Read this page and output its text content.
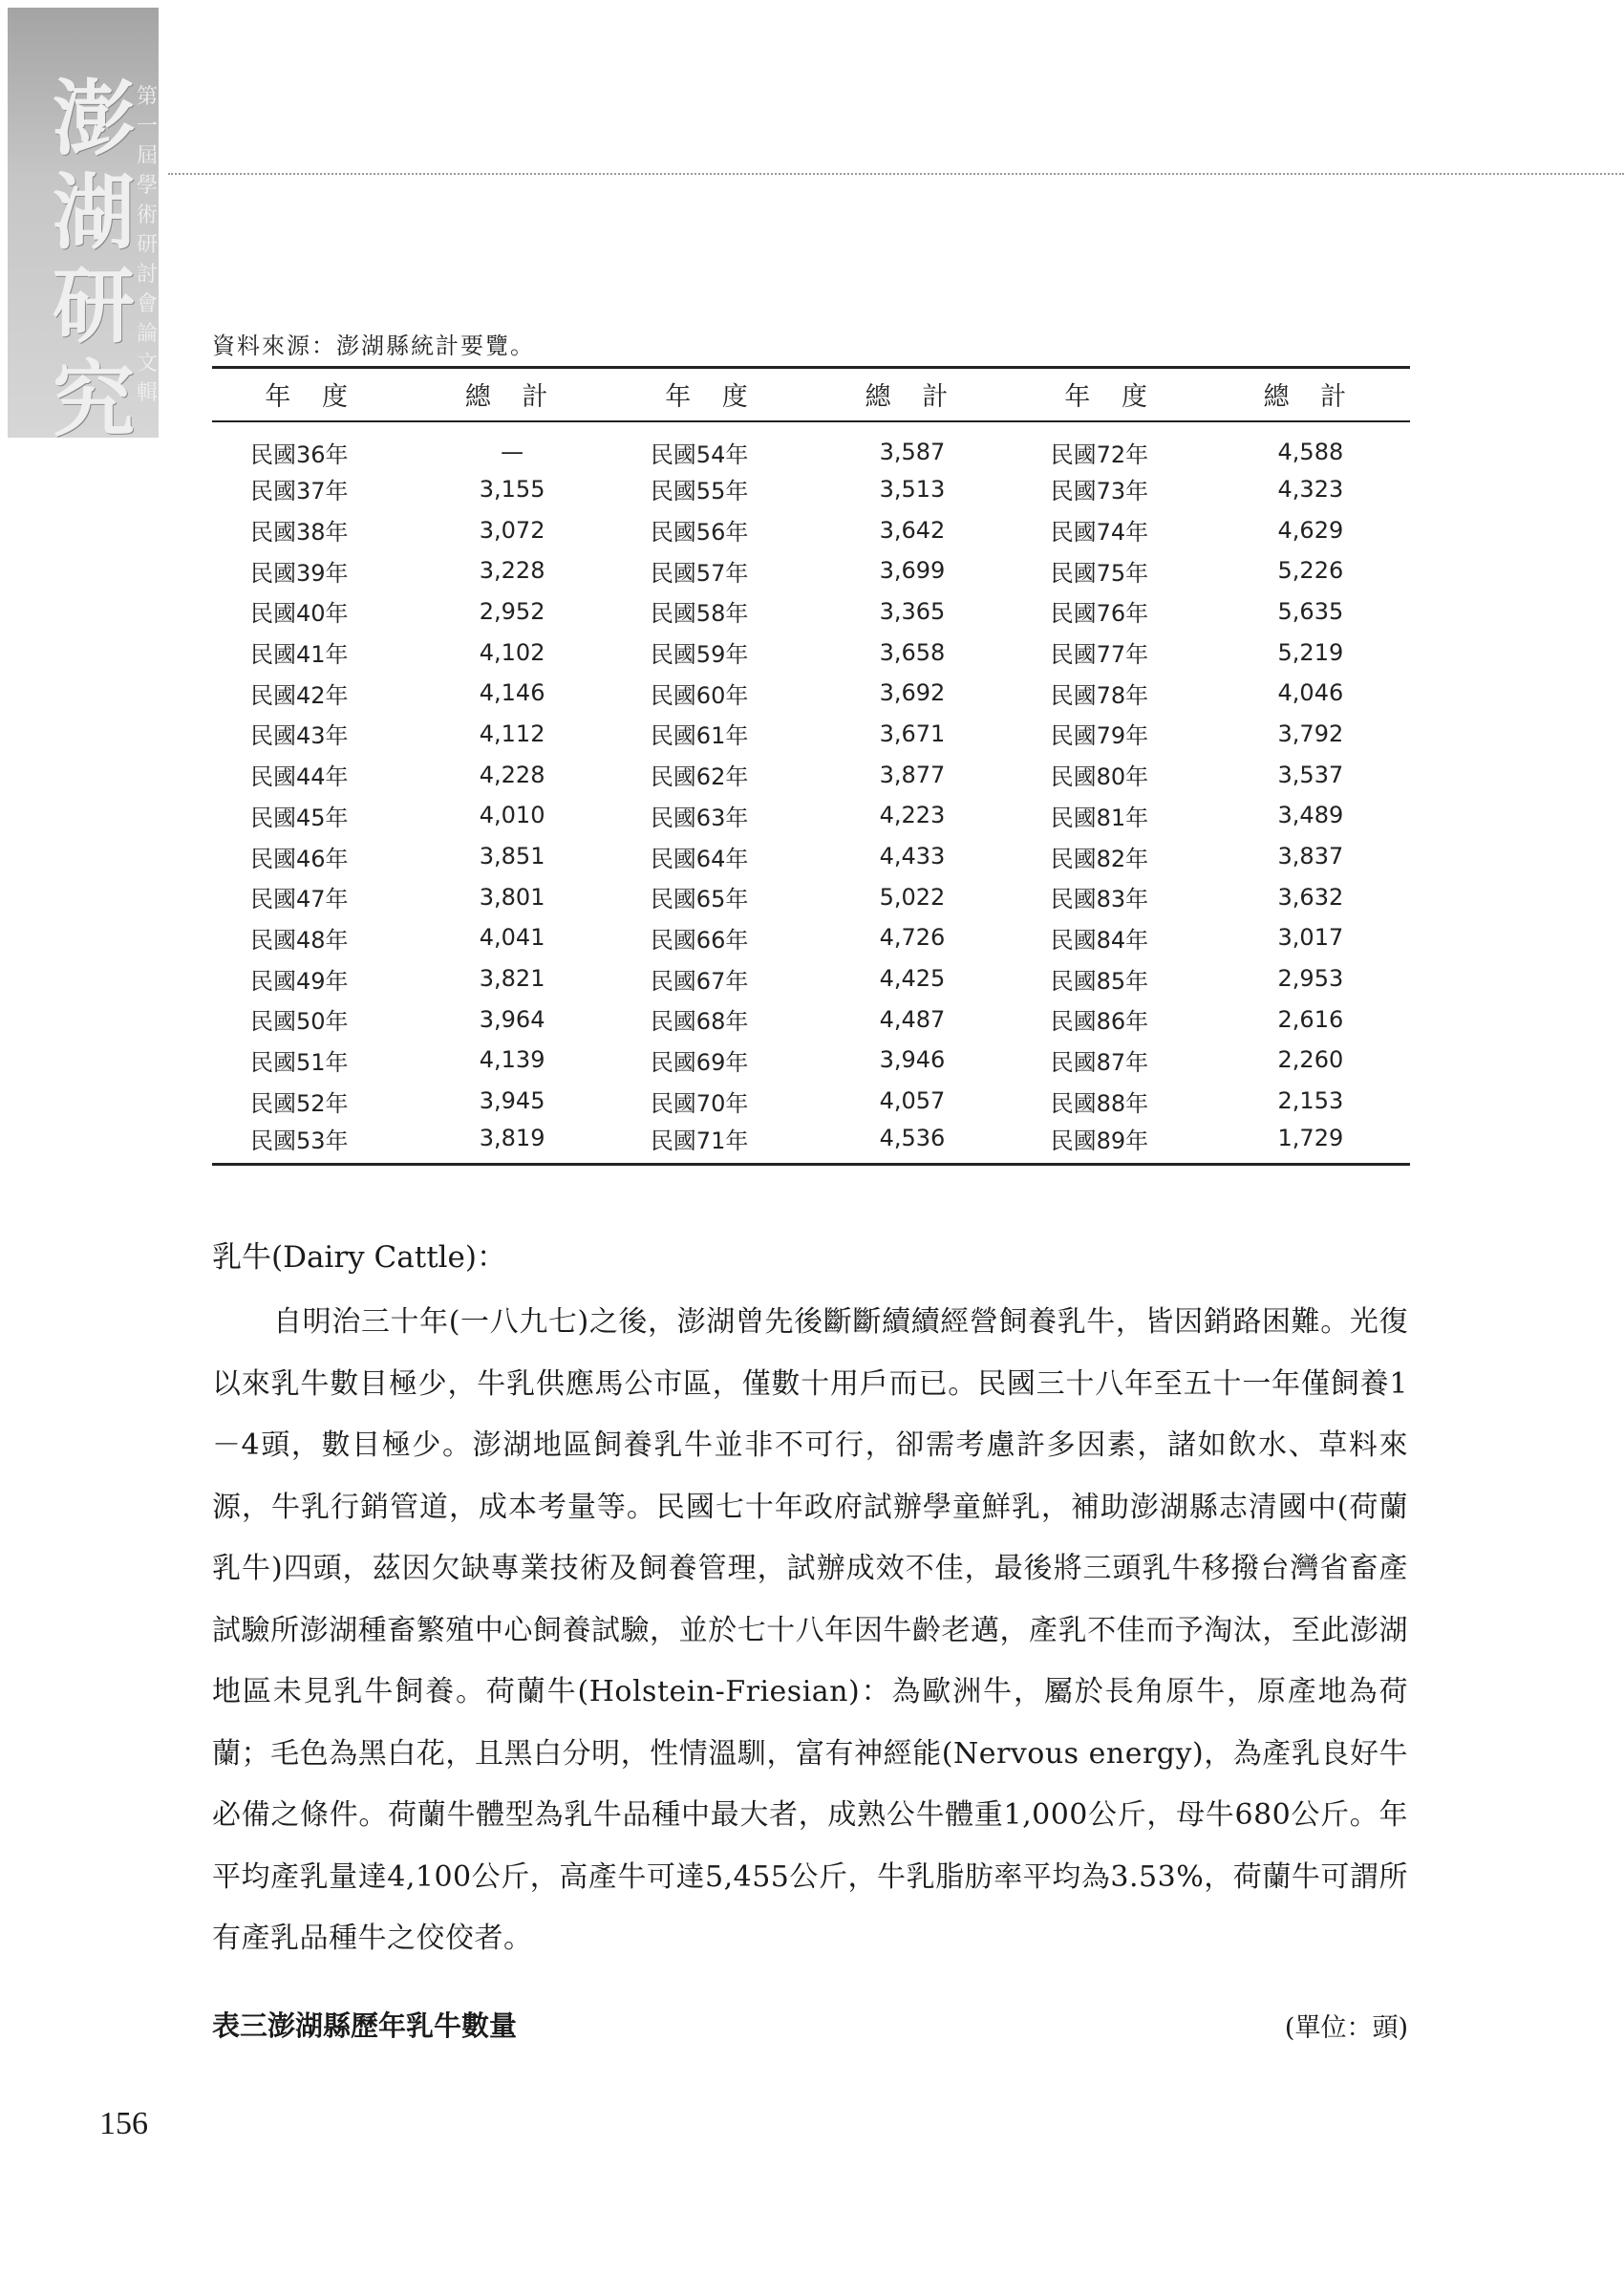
澎
湖
研
究
第
一
屆
學
術
研
討
會
論
文
輯
資料來源：澎湖縣統計要覽。
年 度	總 計	年 度	總 計	年 度	總 計
民國36年	—	民國54年	3,587	民國72年	4,588
民國37年	3,155	民國55年	3,513	民國73年	4,323
民國38年	3,072	民國56年	3,642	民國74年	4,629
民國39年	3,228	民國57年	3,699	民國75年	5,226
民國40年	2,952	民國58年	3,365	民國76年	5,635
民國41年	4,102	民國59年	3,658	民國77年	5,219
民國42年	4,146	民國60年	3,692	民國78年	4,046
民國43年	4,112	民國61年	3,671	民國79年	3,792
民國44年	4,228	民國62年	3,877	民國80年	3,537
民國45年	4,010	民國63年	4,223	民國81年	3,489
民國46年	3,851	民國64年	4,433	民國82年	3,837
民國47年	3,801	民國65年	5,022	民國83年	3,632
民國48年	4,041	民國66年	4,726	民國84年	3,017
民國49年	3,821	民國67年	4,425	民國85年	2,953
民國50年	3,964	民國68年	4,487	民國86年	2,616
民國51年	4,139	民國69年	3,946	民國87年	2,260
民國52年	3,945	民國70年	4,057	民國88年	2,153
民國53年	3,819	民國71年	4,536	民國89年	1,729
乳牛(Dairy Cattle)：
自明治三十年(一八九七)之後，澎湖曾先後斷斷續續經營飼養乳牛，皆因銷路困難。光復以來乳牛數目極少，牛乳供應馬公市區，僅數十用戶而已。民國三十八年至五十一年僅飼養1－4頭，數目極少。澎湖地區飼養乳牛並非不可行，卻需考慮許多因素，諸如飲水、草料來源，牛乳行銷管道，成本考量等。民國七十年政府試辦學童鮮乳，補助澎湖縣志清國中(荷蘭乳牛)四頭，茲因欠缺專業技術及飼養管理，試辦成效不佳，最後將三頭乳牛移撥台灣省畜產試驗所澎湖種畜繁殖中心飼養試驗，並於七十八年因牛齡老邁，產乳不佳而予淘汰，至此澎湖地區未見乳牛飼養。荷蘭牛(Holstein-Friesian)：為歐洲牛，屬於長角原牛，原產地為荷蘭；毛色為黑白花，且黑白分明，性情溫馴，富有神經能(Nervous energy)，為產乳良好牛必備之條件。荷蘭牛體型為乳牛品種中最大者，成熟公牛體重1,000公斤，母牛680公斤。年平均產乳量達4,100公斤，高產牛可達5,455公斤，牛乳脂肪率平均為3.53%，荷蘭牛可謂所有產乳品種牛之佼佼者。
表三澎湖縣歷年乳牛數量	(單位：頭)
156
